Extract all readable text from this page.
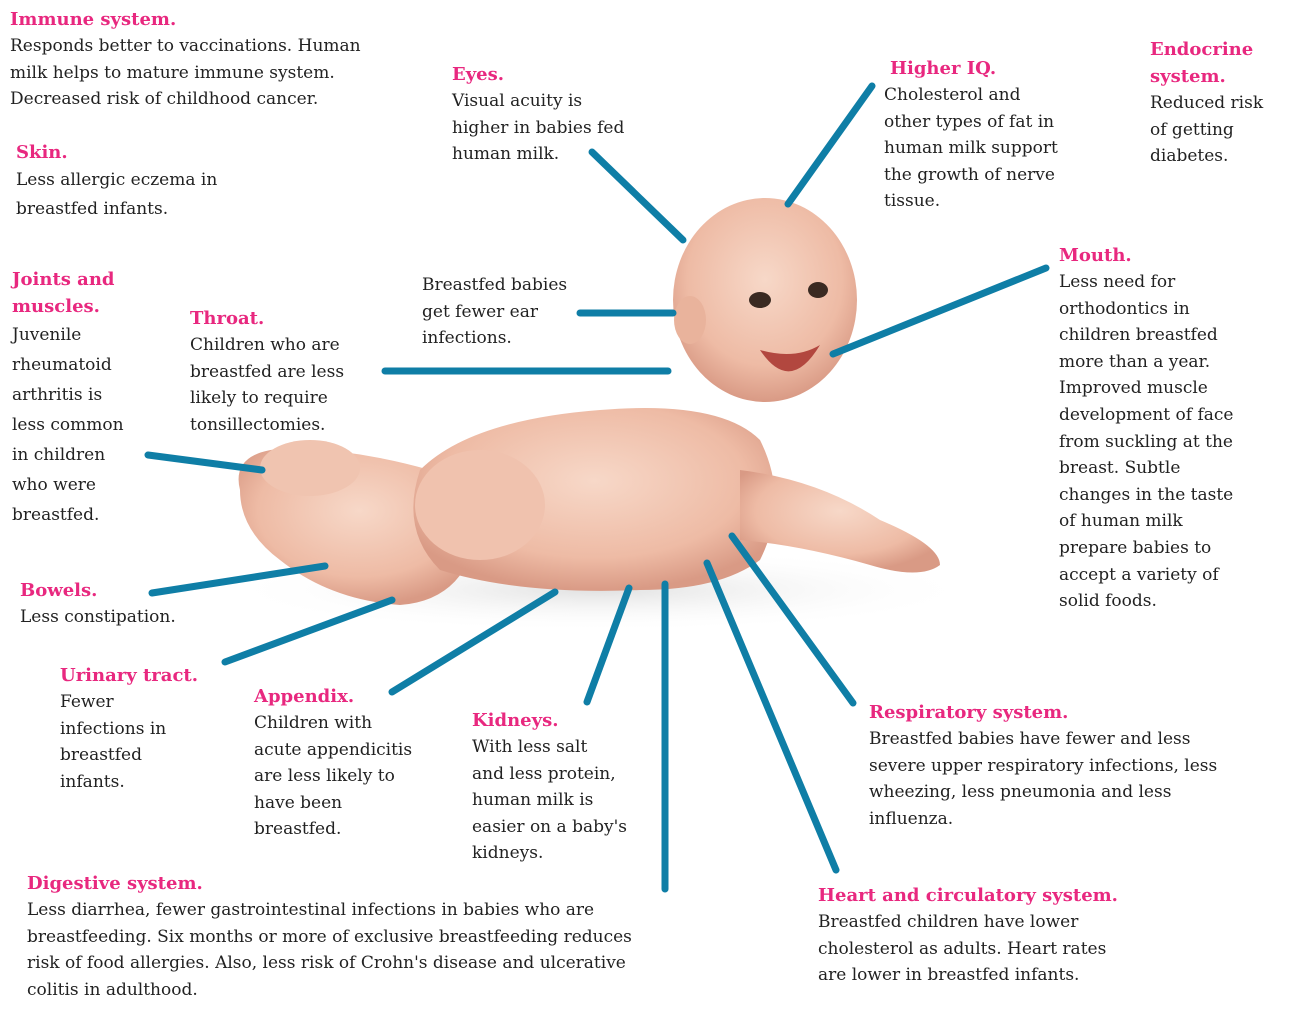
Immune system.
Responds better to vaccinations. Human
milk helps to mature immune system.
Decreased risk of childhood cancer.
Skin.
Less allergic eczema in
breastfed infants.
Joints and
muscles.
Juvenile
rheumatoid
arthritis is
less common
in children
who were
breastfed.
Throat.
Children who are
breastfed are less
likely to require
tonsillectomies.
Breastfed babies
get fewer ear
infections.
Eyes.
Visual acuity is
higher in babies fed
human milk.
Higher IQ.
Cholesterol and
other types of fat in
human milk support
the growth of nerve
tissue.
Endocrine
system.
Reduced risk
of getting
diabetes.
Mouth.
Less need for
orthodontics in
children breastfed
more than a year.
Improved muscle
development of face
from suckling at the
breast. Subtle
changes in the taste
of human milk
prepare babies to
accept a variety of
solid foods.
Bowels.
Less constipation.
Urinary tract.
Fewer
infections in
breastfed
infants.
Appendix.
Children with
acute appendicitis
are less likely to
have been
breastfed.
Kidneys.
With less salt
and less protein,
human milk is
easier on a baby's
kidneys.
Respiratory system.
Breastfed babies have fewer and less
severe upper respiratory infections, less
wheezing, less pneumonia and less
influenza.
Digestive system.
Less diarrhea, fewer gastrointestinal infections in babies who are
breastfeeding. Six months or more of exclusive breastfeeding reduces
risk of food allergies. Also, less risk of Crohn's disease and ulcerative
colitis in adulthood.
Heart and circulatory system.
Breastfed children have lower
cholesterol as adults. Heart rates
are lower in breastfed infants.
